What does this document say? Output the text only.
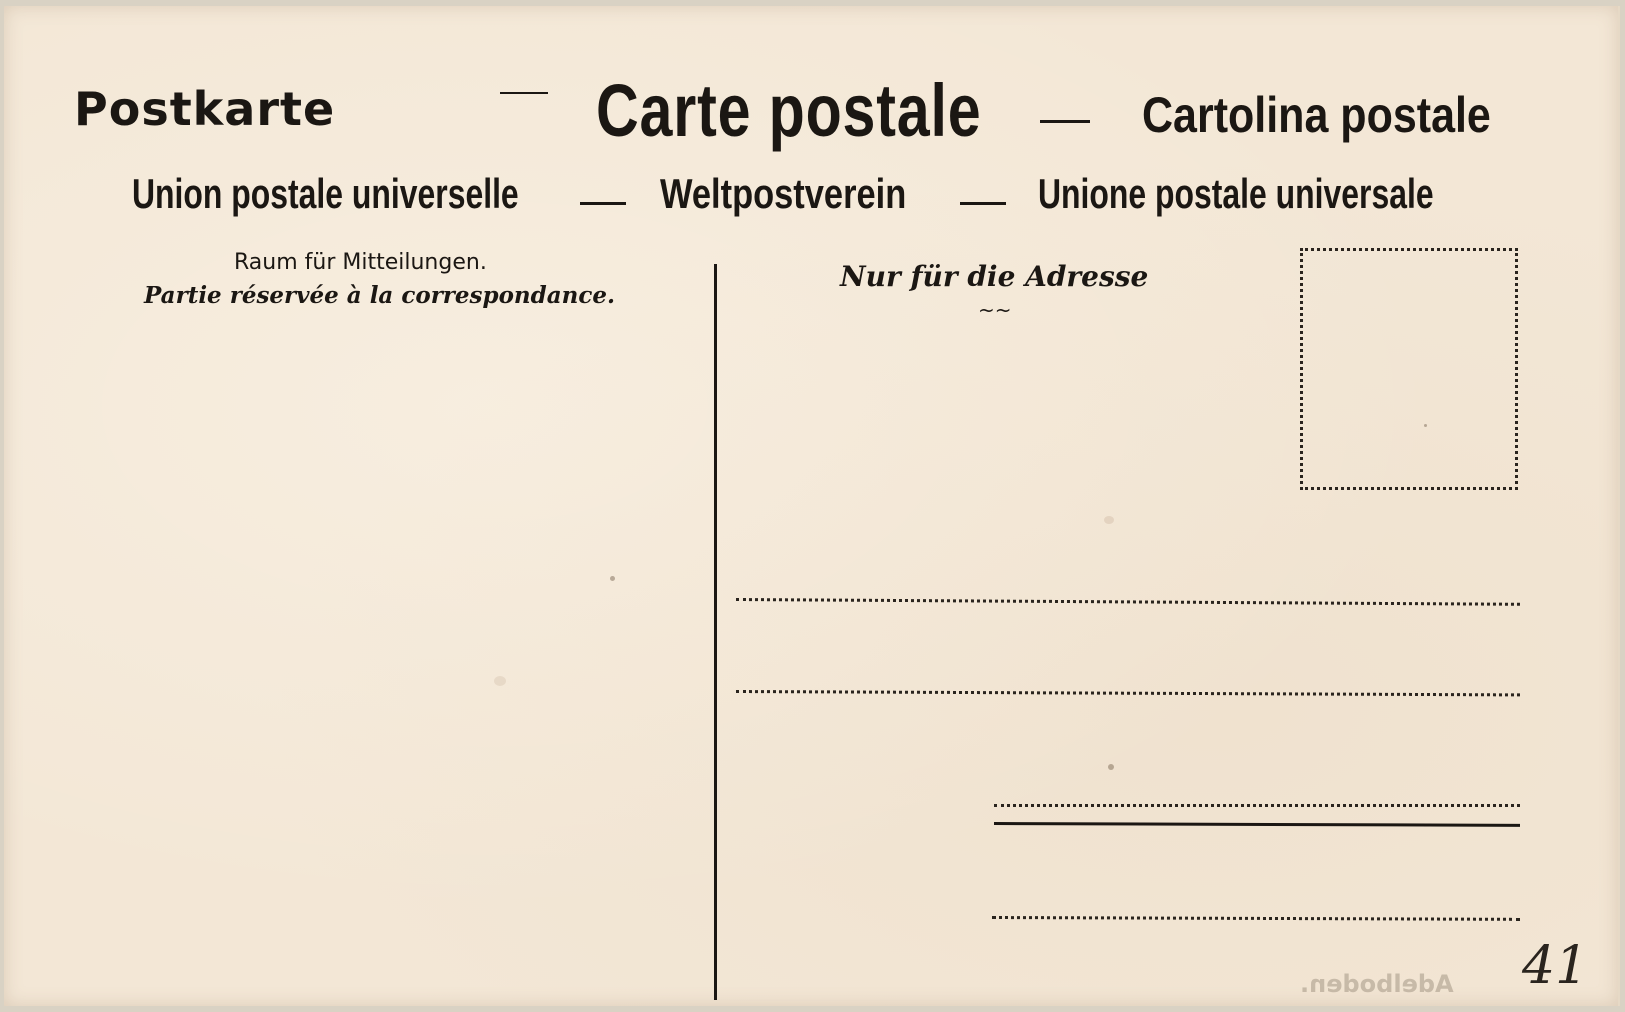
Postkarte	Carte postale	Cartolina postale
Union postale universelle	Weltpostverein	Unione postale universale
Raum für Mitteilungen.
Partie réservée à la correspondance.
Nur für die Adresse
~~
Adelboden. 41
